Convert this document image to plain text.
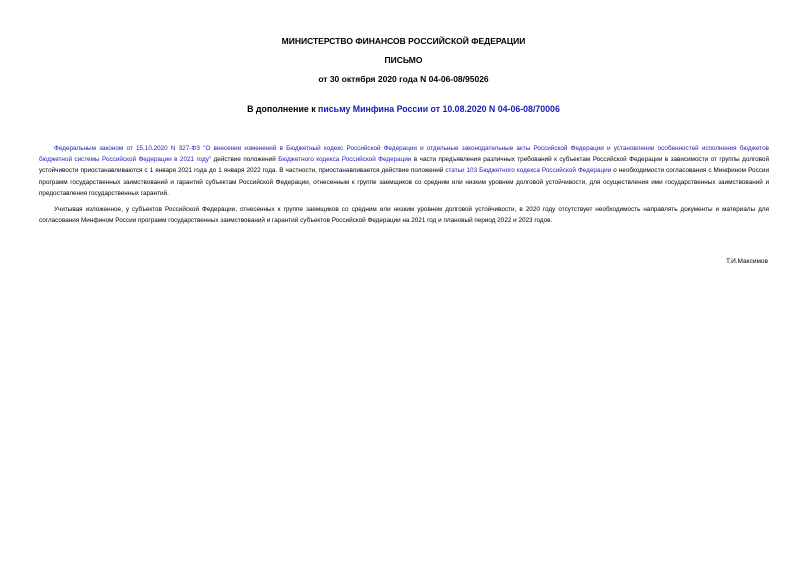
МИНИСТЕРСТВО ФИНАНСОВ РОССИЙСКОЙ ФЕДЕРАЦИИ
ПИСЬМО
от 30 октября 2020 года N 04-06-08/95026
В дополнение к письму Минфина России от 10.08.2020 N 04-06-08/70006
Федеральным законом от 15.10.2020 N 327-ФЗ "О внесении изменений в Бюджетный кодекс Российской Федерации и отдельные законодательные акты Российской Федерации и установлении особенностей исполнения бюджетов бюджетной системы Российской Федерации в 2021 году" действие положений Бюджетного кодекса Российской Федерации в части предъявления различных требований к субъектам Российской Федерации в зависимости от группы долговой устойчивости приостанавливаются с 1 января 2021 года до 1 января 2022 года. В частности, приостанавливается действие положений статьи 103 Бюджетного кодекса Российской Федерации о необходимости согласования с Минфином России программ государственных заимствований и гарантий субъектам Российской Федерации, отнесенным к группе заемщиков со средним или низким уровнем долговой устойчивости, для осуществления ими государственных заимствований и предоставления государственных гарантий.
Учитывая изложенное, у субъектов Российской Федерации, отнесенных к группе заемщиков со средним или низким уровнем долговой устойчивости, в 2020 году отсутствует необходимость направлять документы и материалы для согласования Минфином России программ государственных заимствований и гарантий субъектов Российской Федерации на 2021 год и плановый период 2022 и 2023 годов.
Т.И.Максимов
